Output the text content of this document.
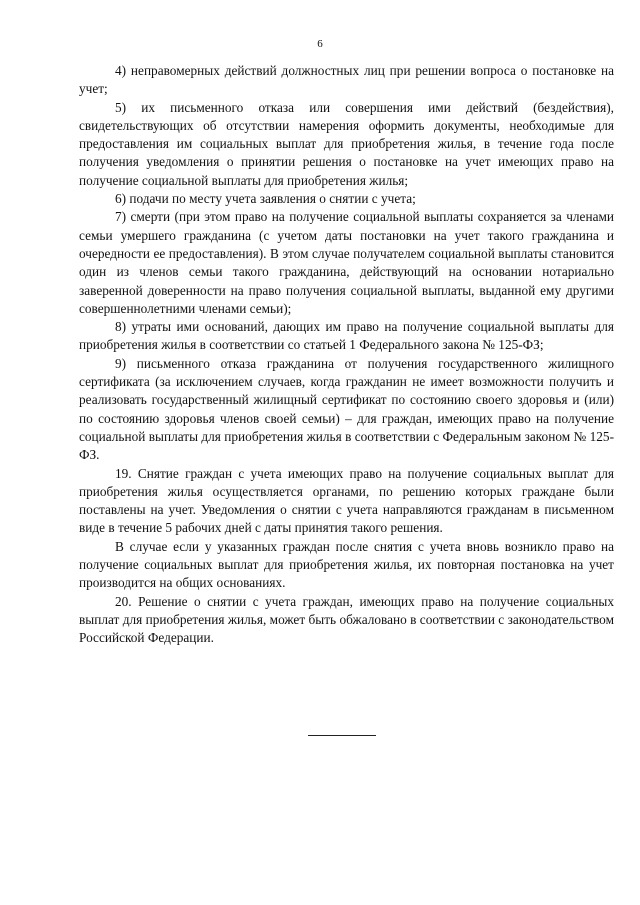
6

4) неправомерных действий должностных лиц при решении вопроса о постановке на учет;

5) их письменного отказа или совершения ими действий (бездействия), свидетельствующих об отсутствии намерения оформить документы, необходимые для предоставления им социальных выплат для приобретения жилья, в течение года после получения уведомления о принятии решения о постановке на учет имеющих право на получение социальной выплаты для приобретения жилья;

6) подачи по месту учета заявления о снятии с учета;

7) смерти (при этом право на получение социальной выплаты сохраняется за членами семьи умершего гражданина (с учетом даты постановки на учет такого гражданина и очередности ее предоставления). В этом случае получателем социальной выплаты становится один из членов семьи такого гражданина, действующий на основании нотариально заверенной доверенности на право получения социальной выплаты, выданной ему другими совершеннолетними членами семьи);

8) утраты ими оснований, дающих им право на получение социальной выплаты для приобретения жилья в соответствии со статьей 1 Федерального закона № 125-ФЗ;

9) письменного отказа гражданина от получения государственного жилищного сертификата (за исключением случаев, когда гражданин не имеет возможности получить и реализовать государственный жилищный сертификат по состоянию своего здоровья и (или) по состоянию здоровья членов своей семьи) – для граждан, имеющих право на получение социальной выплаты для приобретения жилья в соответствии с Федеральным законом № 125-ФЗ.

19. Снятие граждан с учета имеющих право на получение социальных выплат для приобретения жилья осуществляется органами, по решению которых граждане были поставлены на учет. Уведомления о снятии с учета направляются гражданам в письменном виде в течение 5 рабочих дней с даты принятия такого решения.

В случае если у указанных граждан после снятия с учета вновь возникло право на получение социальных выплат для приобретения жилья, их повторная постановка на учет производится на общих основаниях.

20. Решение о снятии с учета граждан, имеющих право на получение социальных выплат для приобретения жилья, может быть обжаловано в соответствии с законодательством Российской Федерации.
